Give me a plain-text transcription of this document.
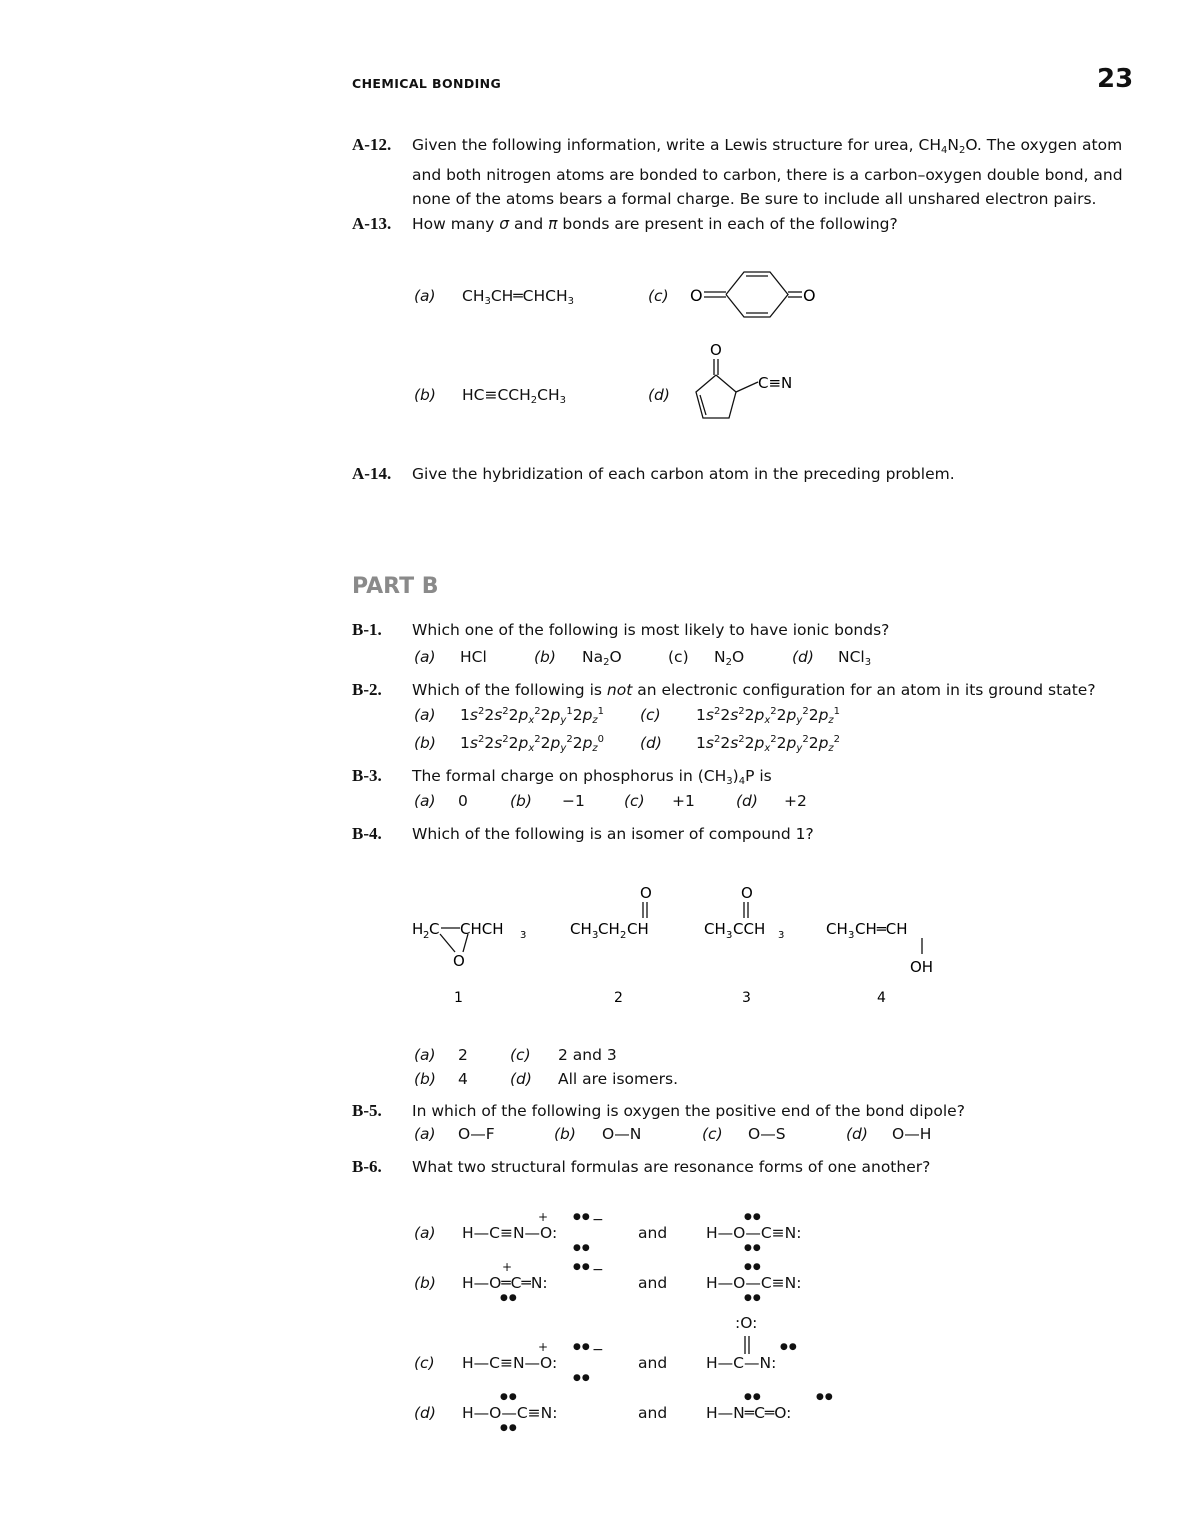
CHEMICAL BONDING	23
A-12. Given the following information, write a Lewis structure for urea, $CH_4N_2O$. The oxygen atom and both nitrogen atoms are bonded to carbon, there is a carbon–oxygen double bond, and none of the atoms bears a formal charge. Be sure to include all unshared electron pairs.
A-13. How many σ and π bonds are present in each of the following?
(a) $CH_3CH═CHCH_3$	(c) O	O
(b) $HC\equiv CCH_2CH_3$	(d)
O
C≡N
A-14. Give the hybridization of each carbon atom in the preceding problem.
PART B
B-1. Which one of the following is most likely to have ionic bonds?
(a) HCl	(b) $Na_2O$	(c) $N_2O$	(d) NCl$_3$
B-2. Which of the following is not an electronic configuration for an atom in its ground state?
(a) $1s^22s^22p_x^22p_y^12p_z^1$ (c) $1s^22s^22p_x^22p_y^22p_z^1$
(b) $1s^22s^22p_x^22p_y^22p_z^0$ (d) $1s^22s^22p_x^22p_y^22p_z^2$
B-3. The formal charge on phosphorus in $(CH_3)_4P$ is
(a) 0	(b) −1	(c) +1	(d) +2
B-4. Which of the following is an isomer of compound 1?
H 2 C CHCH 3
O
O
CH 3 CH 2 CH
O
CH 3 CCH 3	CH 3 CH═CH
OH
1	2	3	4
(a) 2	(c) 2 and 3
(b) 4	(d) All are isomers.
B-5. In which of the following is oxygen the positive end of the bond dipole?
(a) O—F	(b) O—N	(c) O—S	(d) O—H
B-6. What two structural formulas are resonance forms of one another?
(a) H—C≡N—O:
+	−
●●
●●
and	H—O—C≡N:
●●
●●
(b) H—O═C═N:
+	−
●●
●●
and	H—O—C≡N:
●●
●●
(c) H—C≡N—O:
+	−
●●
●●
and
:O:
H—C—N:
●●
(d) H—O—C≡N:
●●
●●
and	H—N═C═O:
●●	●●
